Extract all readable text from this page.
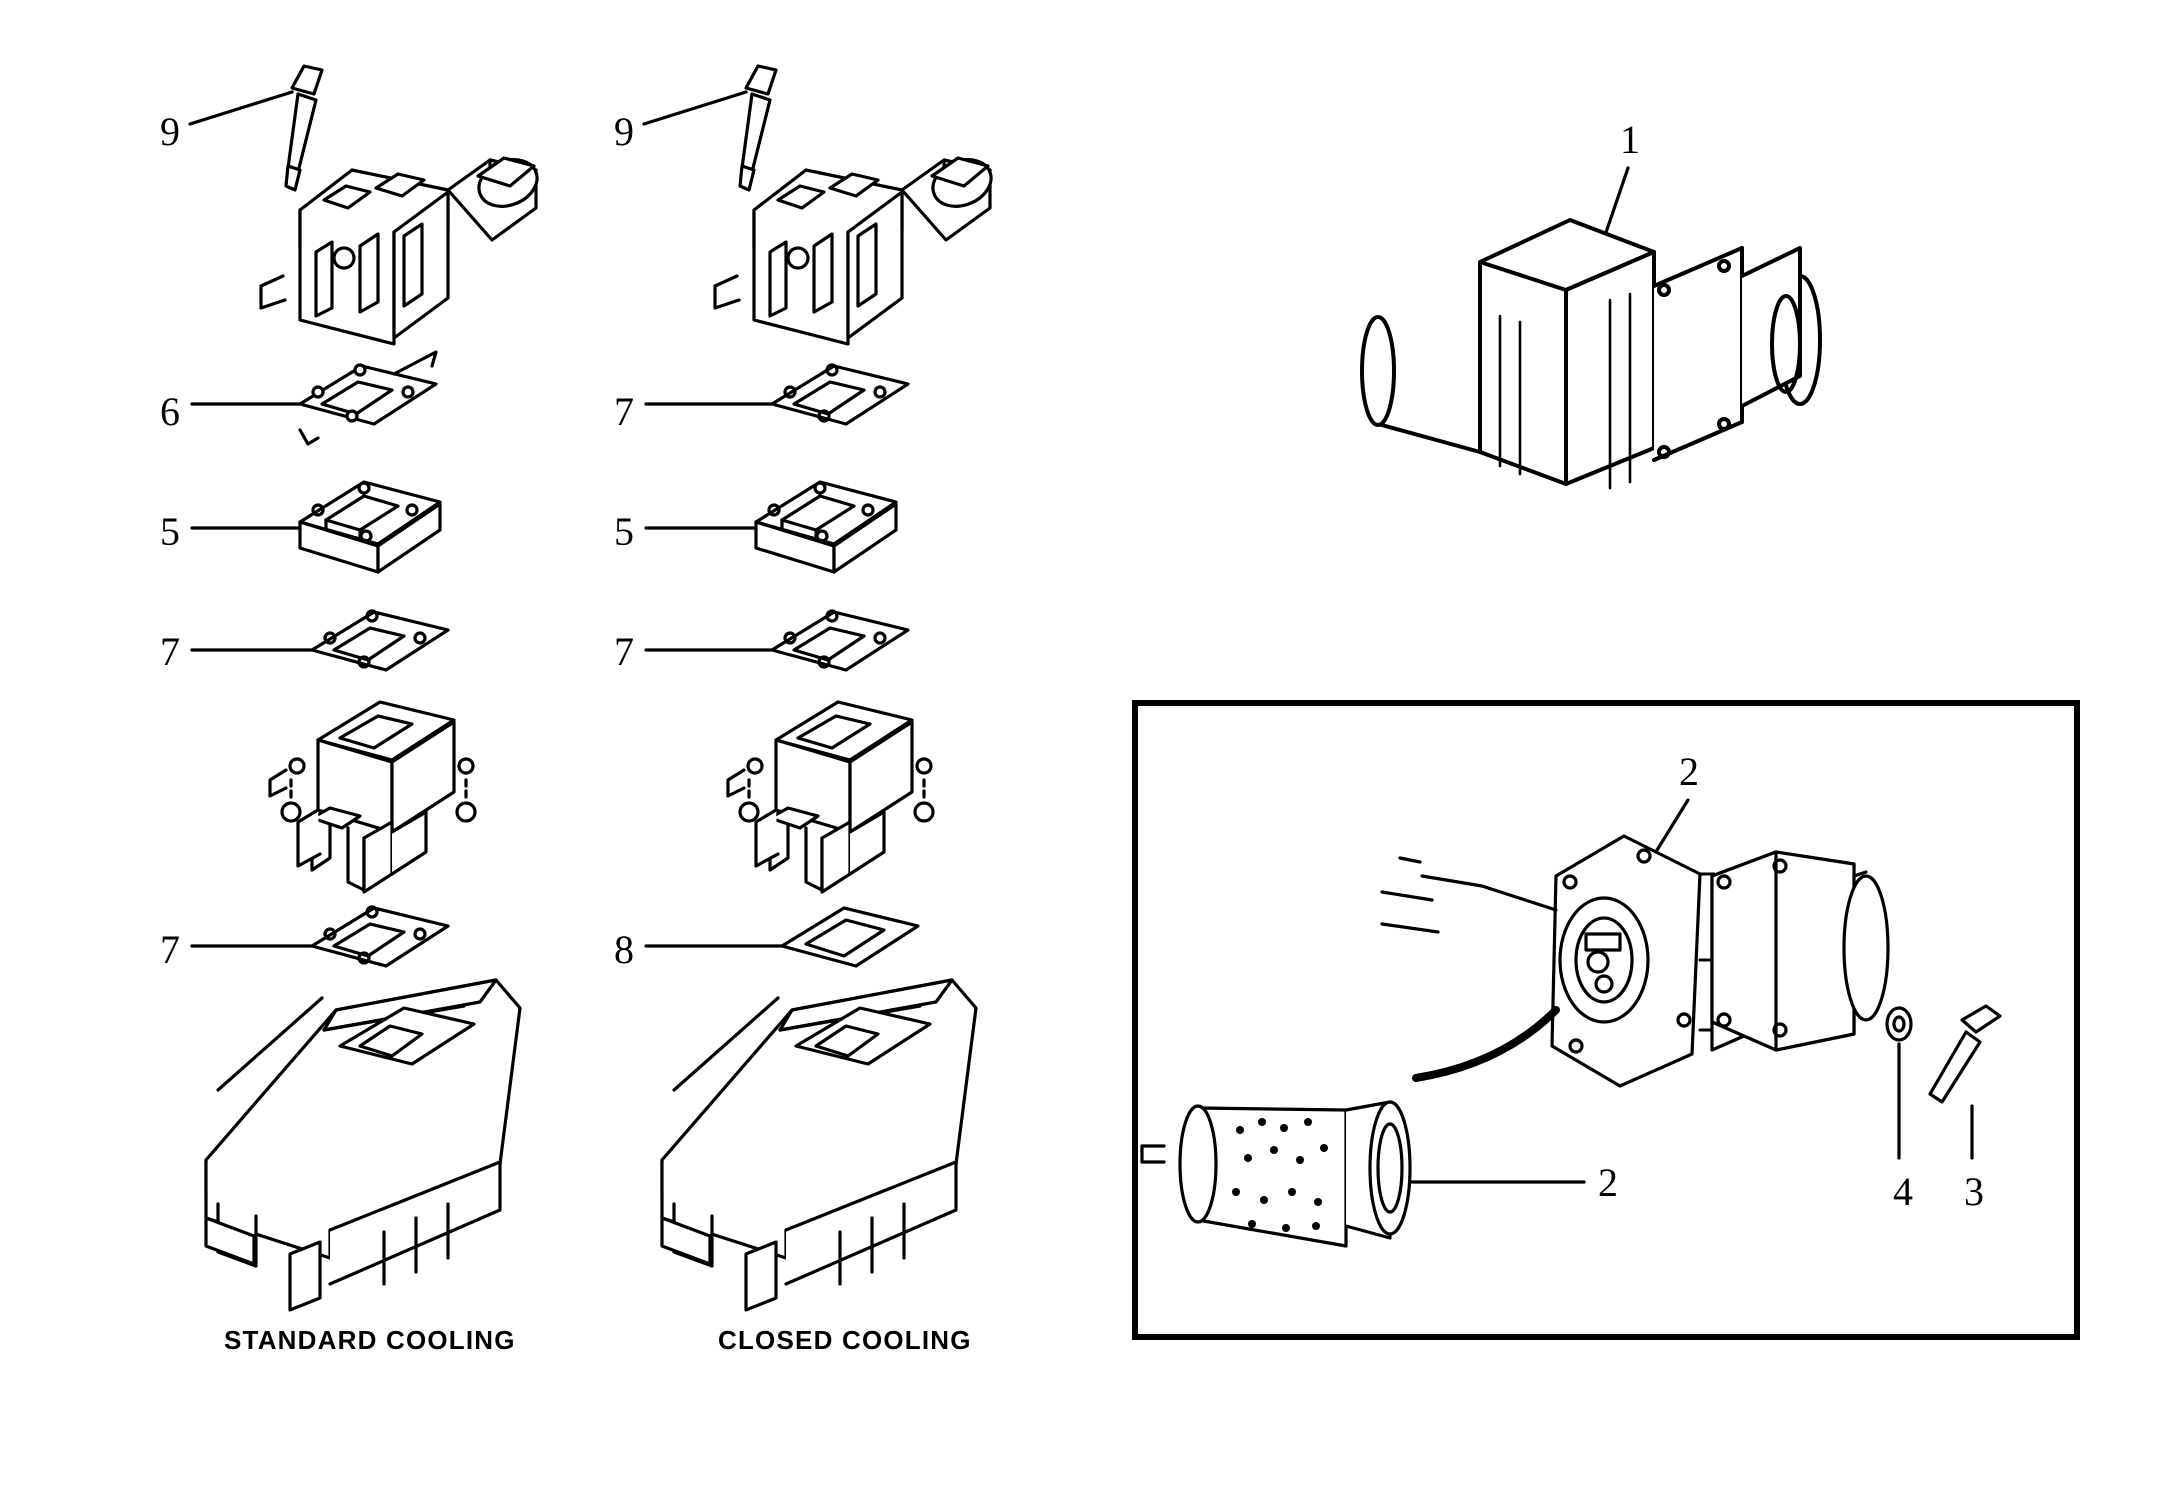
9
6
5
7
7
9
7
5
7
8
1
2
2	4 3
STANDARD COOLING	CLOSED COOLING
